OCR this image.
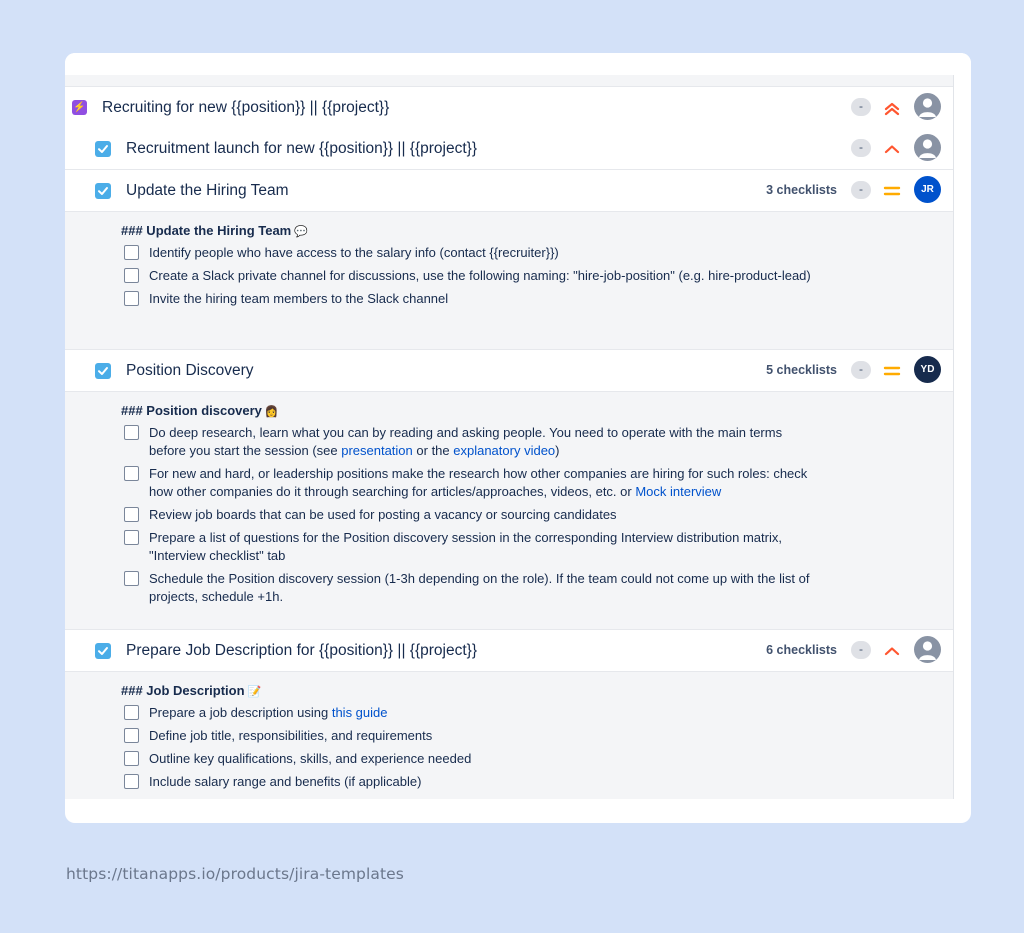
⚡ Recruiting for new {{position}} || {{project}}	-
Recruitment launch for new {{position}} || {{project}}	-
Update the Hiring Team	3 checklists	-	JR
### Update the Hiring Team 💬
Identify people who have access to the salary info (contact {{recruiter}})
Create a Slack private channel for discussions, use the following naming: "hire-job-position" (e.g. hire-product-lead)
Invite the hiring team members to the Slack channel
Position Discovery	5 checklists	-	YD
### Position discovery 👩
Do deep research, learn what you can by reading and asking people. You need to operate with the main terms before you start the session (see presentation or the explanatory video)
For new and hard, or leadership positions make the research how other companies are hiring for such roles: check how other companies do it through searching for articles/approaches, videos, etc. or Mock interview
Review job boards that can be used for posting a vacancy or sourcing candidates
Prepare a list of questions for the Position discovery session in the corresponding Interview distribution matrix, "Interview checklist" tab
Schedule the Position discovery session (1-3h depending on the role). If the team could not come up with the list of projects, schedule +1h.
Prepare Job Description for {{position}} || {{project}}	6 checklists	-
### Job Description 📝
Prepare a job description using this guide
Define job title, responsibilities, and requirements
Outline key qualifications, skills, and experience needed
Include salary range and benefits (if applicable)
https://titanapps.io/products/jira-templates
